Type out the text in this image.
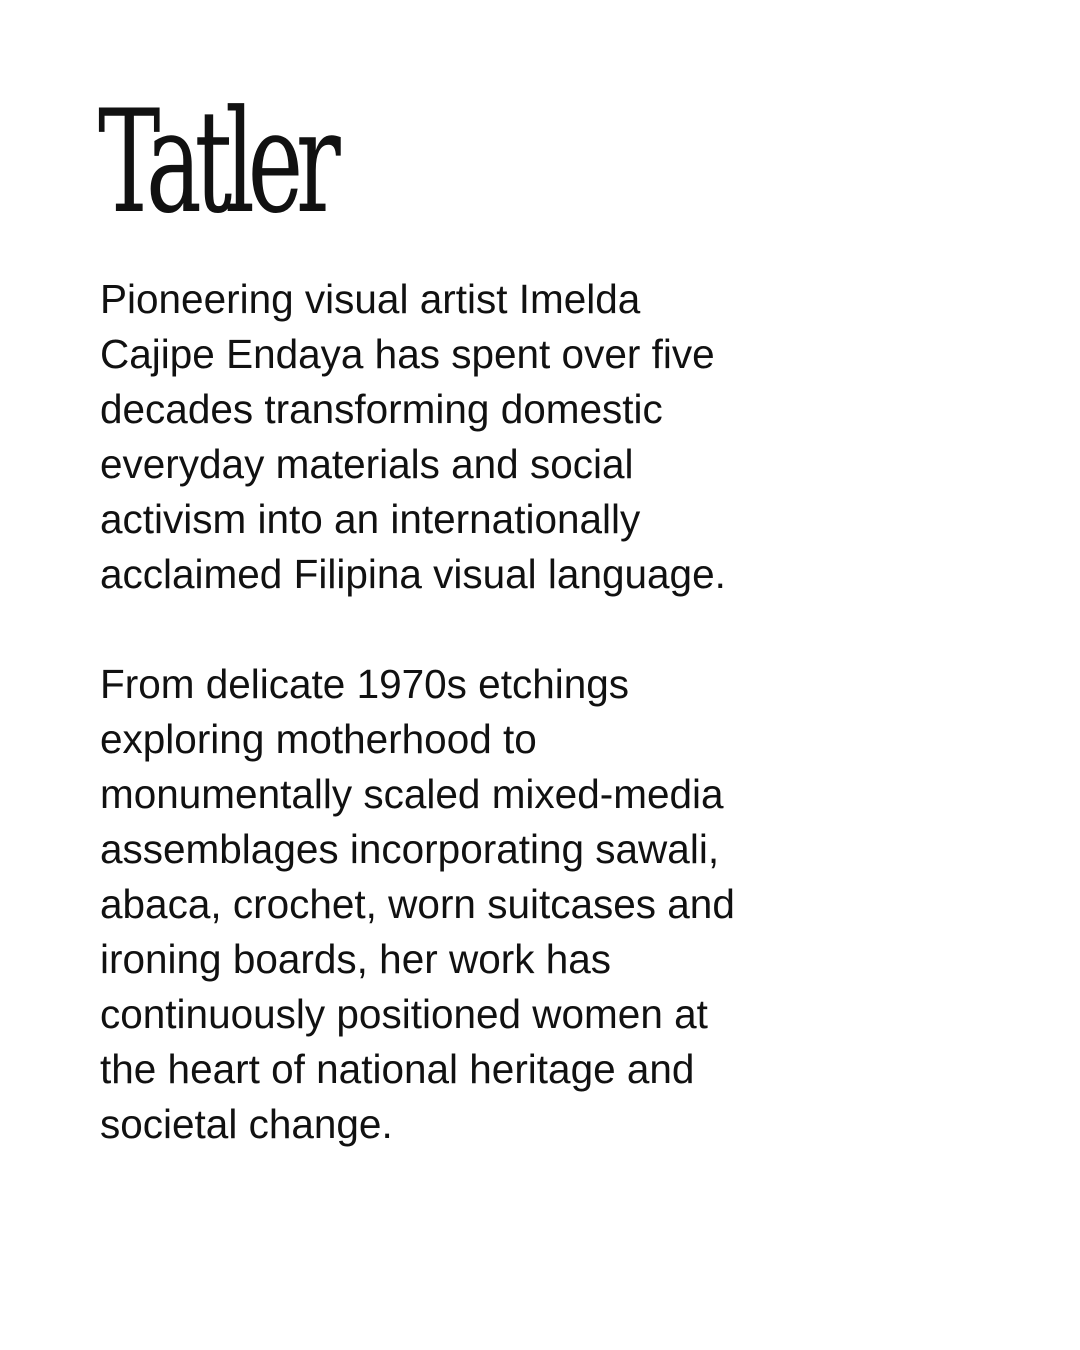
Tatler

Pioneering visual artist Imelda
Cajipe Endaya has spent over five
decades transforming domestic
everyday materials and social
activism into an internationally
acclaimed Filipina visual language.

From delicate 1970s etchings
exploring motherhood to
monumentally scaled mixed-media
assemblages incorporating sawali,
abaca, crochet, worn suitcases and
ironing boards, her work has
continuously positioned women at
the heart of national heritage and
societal change.
